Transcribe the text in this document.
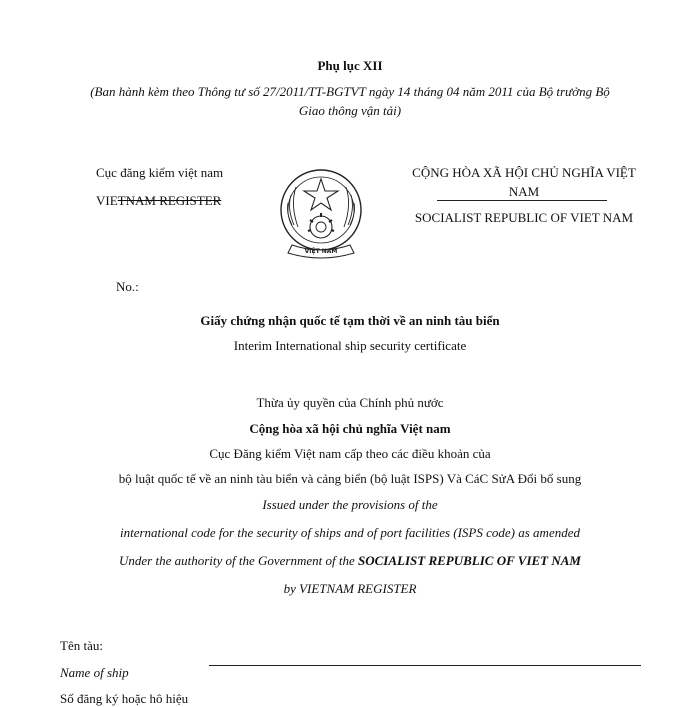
Phụ lục XII
(Ban hành kèm theo Thông tư số 27/2011/TT-BGTVT ngày 14 tháng 04 năm 2011 của Bộ trưởng Bộ
Giao thông vận tải)
Cục đăng kiểm việt nam
VIETNAM REGISTER
VIỆT NAM
CỘNG HÒA XÃ HỘI CHỦ NGHĨA VIỆT
NAM
SOCIALIST REPUBLIC OF VIET NAM
No.:
Giấy chứng nhận quốc tế tạm thời về an ninh tàu biển
Interim International ship security certificate
Thừa ủy quyền của Chính phủ nước
Cộng hòa xã hội chủ nghĩa Việt nam
Cục Đăng kiểm Việt nam cấp theo các điều khoản của
bộ luật quốc tế về an ninh tàu biển và cảng biển (bộ luật ISPS) Và CáC SửA Đổi bổ sung
Issued under the provisions of the
international code for the security of ships and of port facilities (ISPS code) as amended
Under the authority of the Government of the SOCIALIST REPUBLIC OF VIET NAM
by VIETNAM REGISTER
Tên tàu:
Name of ship
Số đăng ký hoặc hô hiệu
